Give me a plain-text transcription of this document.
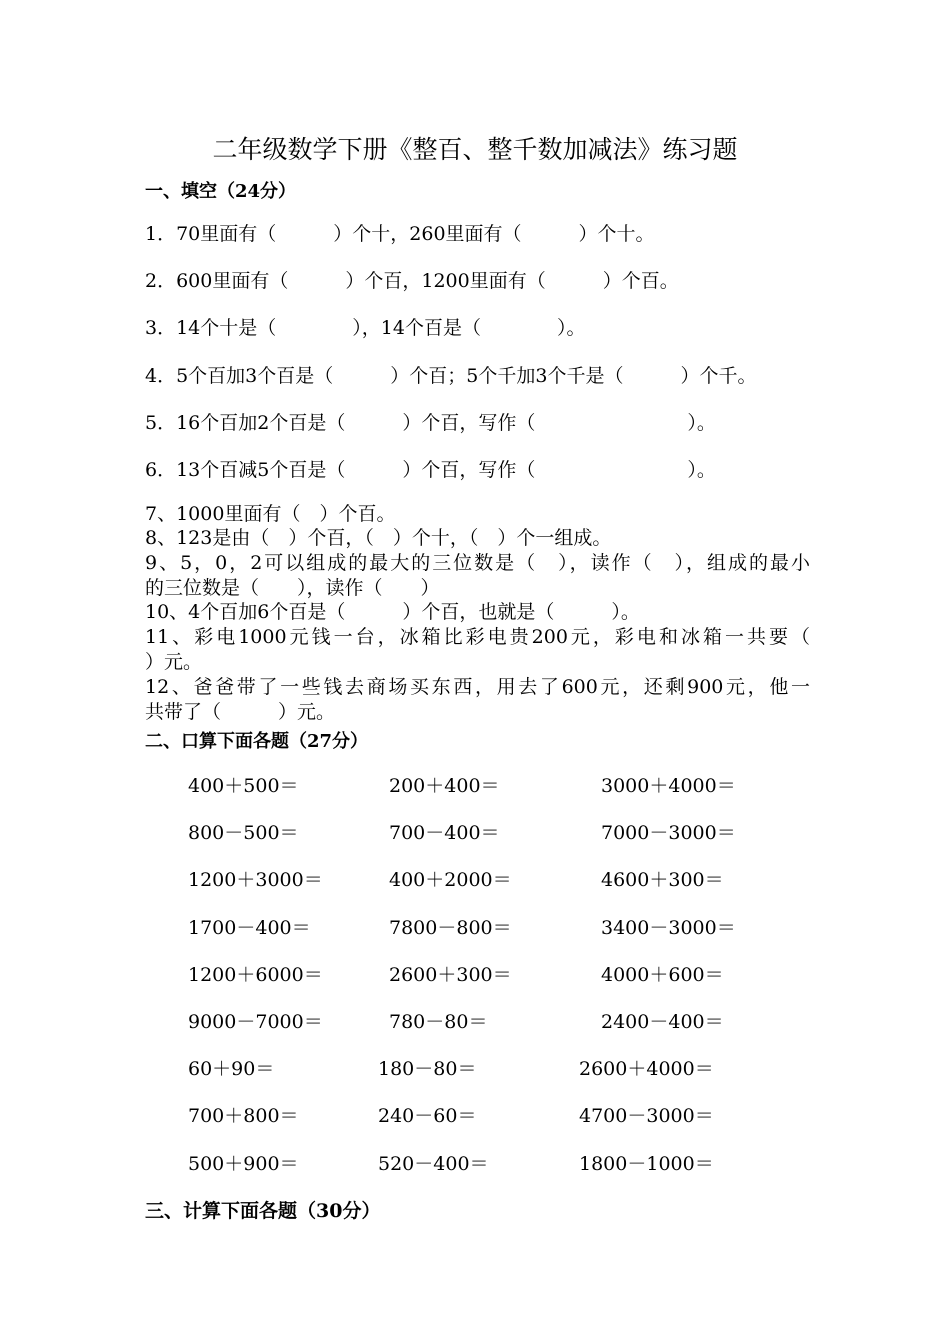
二年级数学下册《整百、整千数加减法》练习题
一、填空（24分）
1．70里面有（　　　）个十，260里面有（　　　）个十。
2．600里面有（　　　）个百，1200里面有（　　　）个百。
3．14个十是（　　　　），14个百是（　　　　）。
4．5个百加3个百是（　　　）个百；5个千加3个千是（　　　）个千。
5．16个百加2个百是（　　　）个百，写作（　　　　　　　　）。
6．13个百减5个百是（　　　）个百，写作（　　　　　　　　）。
7、1000里面有（　）个百。
8、123是由（　）个百，（　）个十，（　）个一组成。
9、5，0，2可以组成的最大的三位数是（　），读作（　），组成的最小
的三位数是（　　），读作（　　）
10、4个百加6个百是（　　　）个百，也就是（　　　）。
11、彩电1000元钱一台，冰箱比彩电贵200元，彩电和冰箱一共要（
）元。
12、爸爸带了一些钱去商场买东西，用去了600元，还剩900元，他一
共带了（　　　）元。
二、口算下面各题（27分）
400＋500＝	200＋400＝	3000＋4000＝
800－500＝	700－400＝	7000－3000＝
1200＋3000＝	400＋2000＝	4600＋300＝
1700－400＝	7800－800＝	3400－3000＝
1200＋6000＝	2600＋300＝	4000＋600＝
9000－7000＝	780－80＝	2400－400＝
60＋90＝	180－80＝	2600＋4000＝
700＋800＝	240－60＝	4700－3000＝
500＋900＝	520－400＝	1800－1000＝
三、计算下面各题（30分）
